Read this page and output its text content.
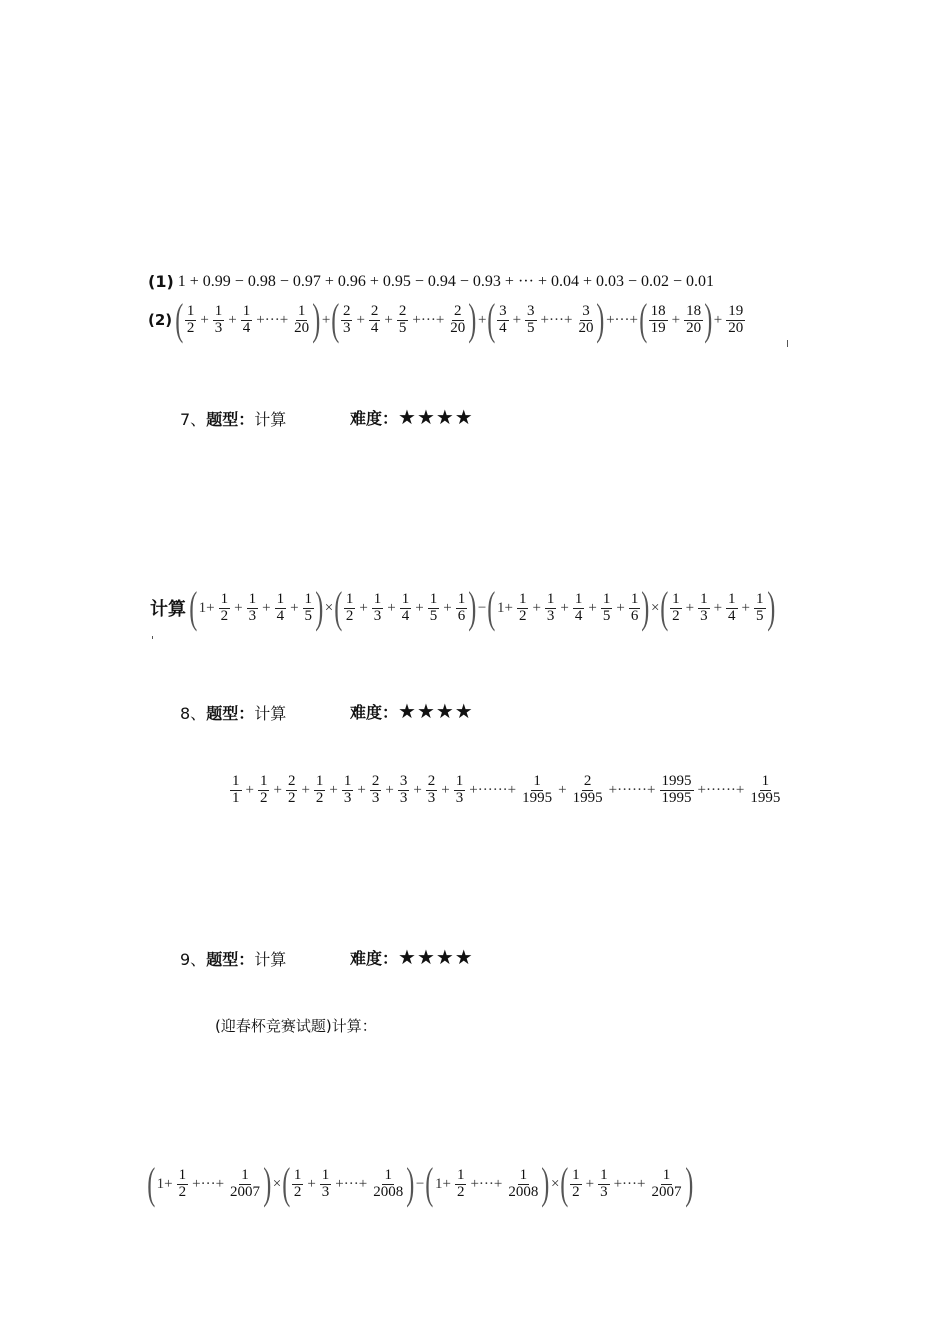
(1) 1 + 0.99 − 0.98 − 0.97 + 0.96 + 0.95 − 0.94 − 0.93 + ··· + 0.04 + 0.03 − 0.02 − 0.01
(2) ( $\frac{1}{2} + \frac{1}{3} + \frac{1}{4}$ +···+ $\frac{1}{20}$ ) + ( $\frac{2}{3} + \frac{2}{4} + \frac{2}{5}$ +···+ $\frac{2}{20}$ ) + ( $\frac{3}{4} + \frac{3}{5}$ +···+ $\frac{3}{20}$ ) +···+ ( $\frac{18}{19} + \frac{18}{20}$ ) + $\frac{19}{20}$
7、题型：计算	难度：★★★★
计算 ( $1+ \frac{1}{2} + \frac{1}{3} + \frac{1}{4} + \frac{1}{5}$ ) × ( $\frac{1}{2} + \frac{1}{3} + \frac{1}{4} + \frac{1}{5} + \frac{1}{6}$ ) − ( $1+ \frac{1}{2} + \frac{1}{3} + \frac{1}{4} + \frac{1}{5} + \frac{1}{6}$ ) × ( $\frac{1}{2} + \frac{1}{3} + \frac{1}{4} + \frac{1}{5}$ )
8、题型：计算	难度：★★★★
$\frac{1}{1} + \frac{1}{2} + \frac{2}{2} + \frac{1}{2} + \frac{1}{3} + \frac{2}{3} + \frac{3}{3} + \frac{2}{3} + \frac{1}{3}$ +······+ $\frac{1}{1995} + \frac{2}{1995}$ +······+ $\frac{1995}{1995}$ +······+ $\frac{1}{1995}$
9、题型：计算	难度：★★★★
(迎春杯竞赛试题)计算：
( $1+ \frac{1}{2}$ +···+ $\frac{1}{2007}$ ) × ( $\frac{1}{2} + \frac{1}{3}$ +···+ $\frac{1}{2008}$ ) − ( $1+ \frac{1}{2}$ +···+ $\frac{1}{2008}$ ) × ( $\frac{1}{2} + \frac{1}{3}$ +···+ $\frac{1}{2007}$ )
